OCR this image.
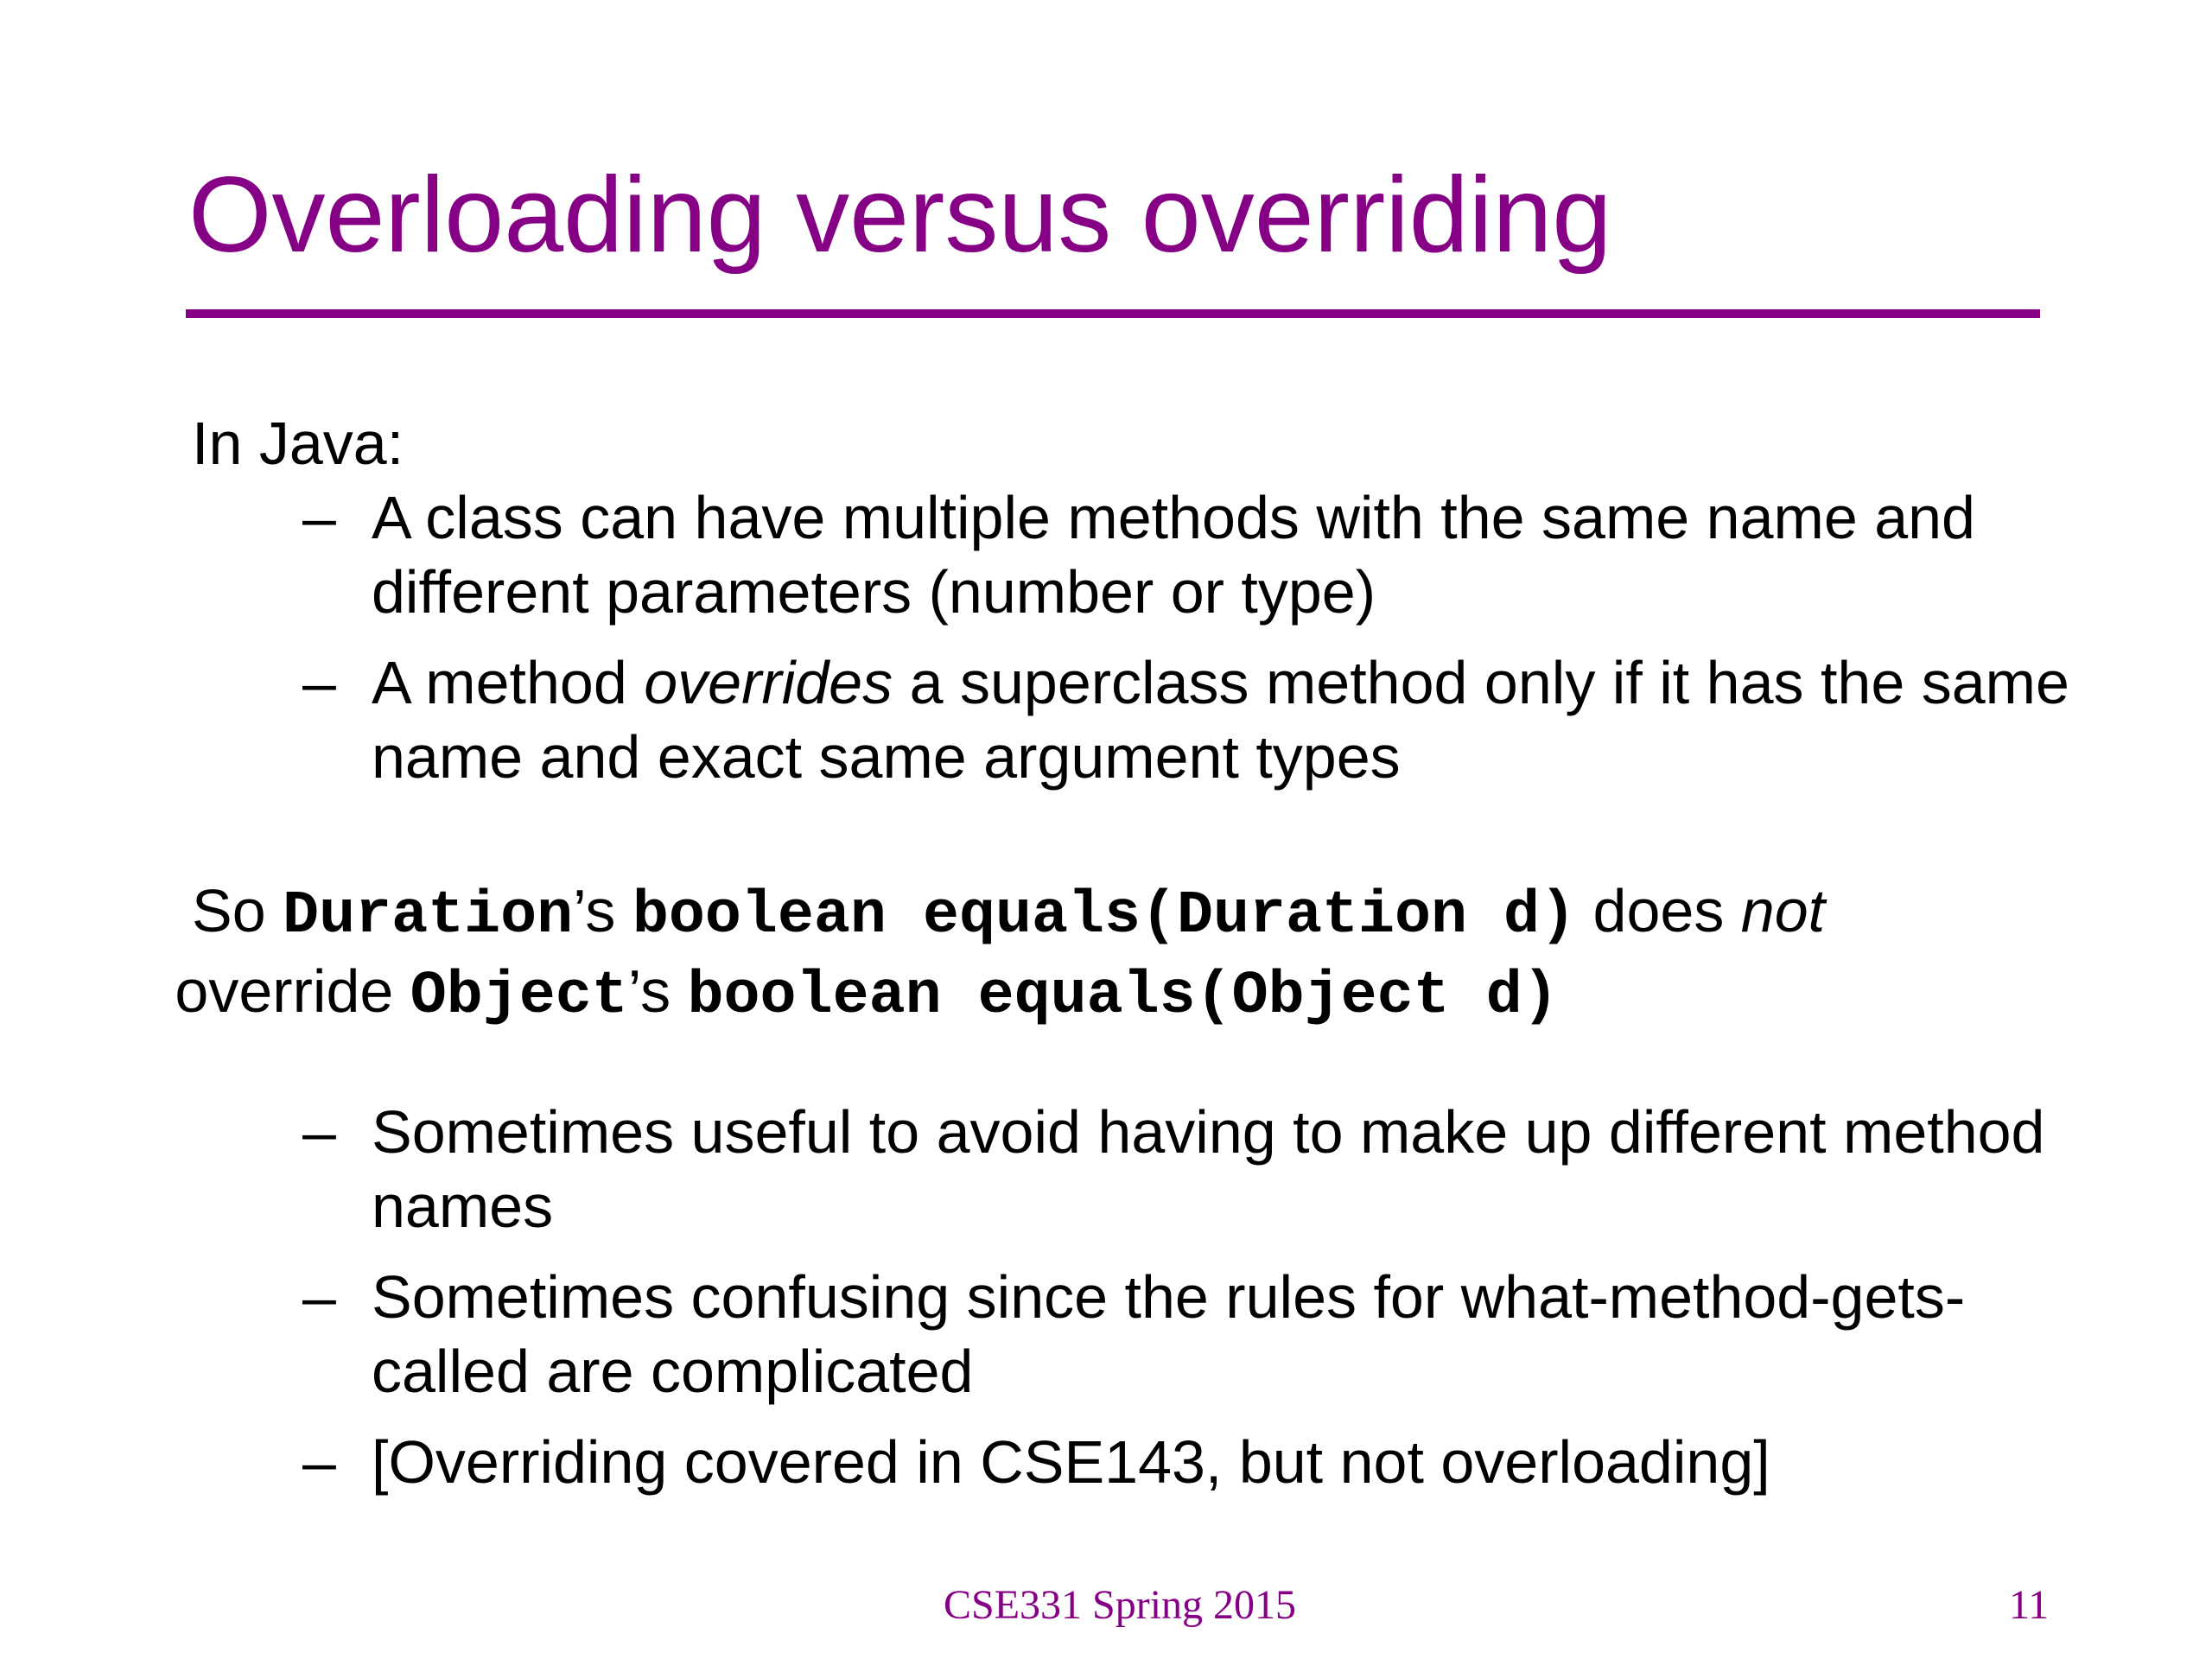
Overloading versus overriding

In Java:

– A class can have multiple methods with the same name and different parameters (number or type)
– A method overrides a superclass method only if it has the same name and exact same argument types

So Duration’s boolean equals(Duration d) does not
override Object’s boolean equals(Object d)

– Sometimes useful to avoid having to make up different method names
– Sometimes confusing since the rules for what-method-gets-called are complicated
– [Overriding covered in CSE143, but not overloading]
CSE331 Spring 2015	11
